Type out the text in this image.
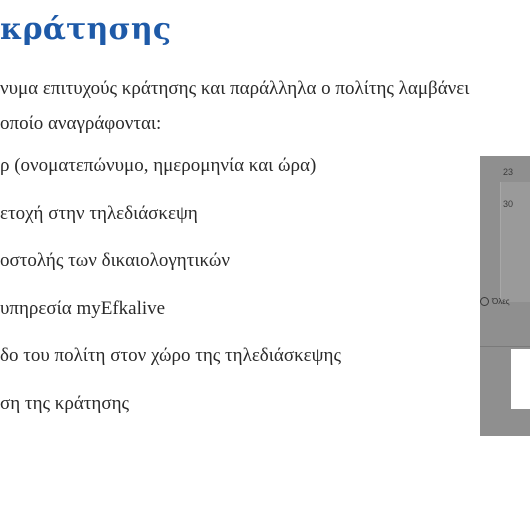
κράτησης

νυμα επιτυχούς κράτησης και παράλληλα ο πολίτης λαμβάνει

οποίο αναγράφονται:

ρ (ονοματεπώνυμο, ημερομηνία και ώρα)
ετοχή στην τηλεδιάσκεψη
οστολής των δικαιολογητικών
υπηρεσία myEfkalive
δο του πολίτη στον χώρο της τηλεδιάσκεψης
ση της κράτησης
23
30
Όλες
